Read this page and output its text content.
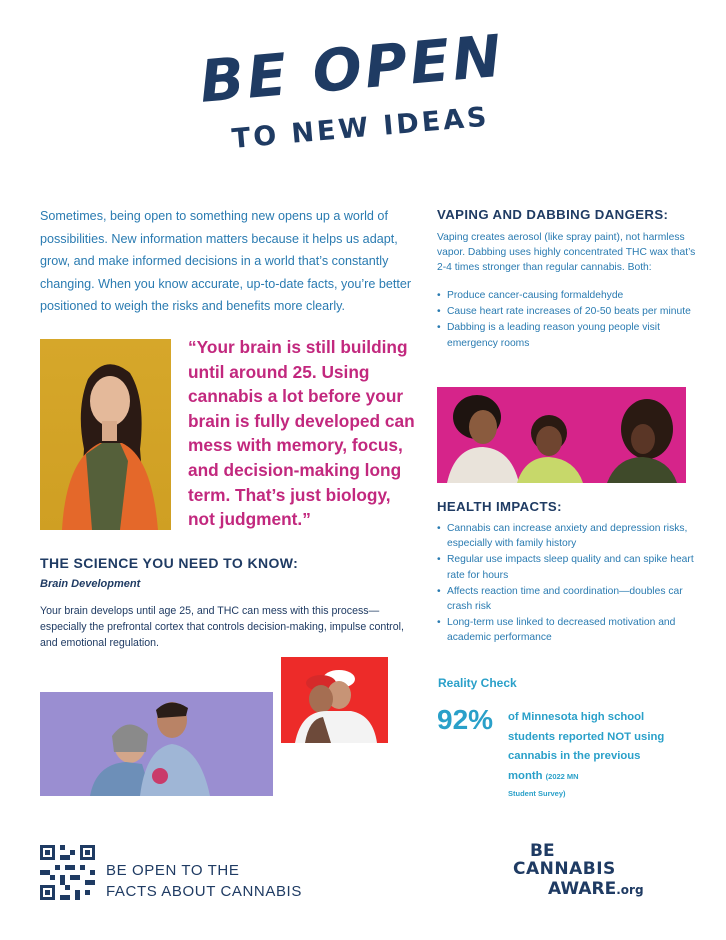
BE OPEN
TO NEW IDEAS

Sometimes, being open to something new opens up a world of possibilities. New information matters because it helps us adapt, grow, and make informed decisions in a world that’s constantly changing. When you know accurate, up-to-date facts, you’re better positioned to weigh the risks and benefits more clearly.

“Your brain is still building until around 25. Using cannabis a lot before your brain is fully developed can mess with memory, focus, and decision-making long term. That’s just biology, not judgment.”

THE SCIENCE YOU NEED TO KNOW:
Brain Development

Your brain develops until age 25, and THC can mess with this process—especially the prefrontal cortex that controls decision-making, impulse control, and emotional regulation.

VAPING AND DABBING DANGERS:

Vaping creates aerosol (like spray paint), not harmless vapor. Dabbing uses highly concentrated THC wax that’s 2-4 times stronger than regular cannabis. Both:

• Produce cancer-causing formaldehyde
• Cause heart rate increases of 20-50 beats per minute
• Dabbing is a leading reason young people visit emergency rooms
HEALTH IMPACTS:
• Cannabis can increase anxiety and depression risks, especially with family history
• Regular use impacts sleep quality and can spike heart rate for hours
• Affects reaction time and coordination—doubles car crash risk
• Long-term use linked to decreased motivation and academic performance
Reality Check
92% of Minnesota high school students reported NOT using cannabis in the previous month (2022 MN
Student Survey)
BE OPEN TO THE
FACTS ABOUT CANNABIS
BE
CANNABIS
AWARE.org
